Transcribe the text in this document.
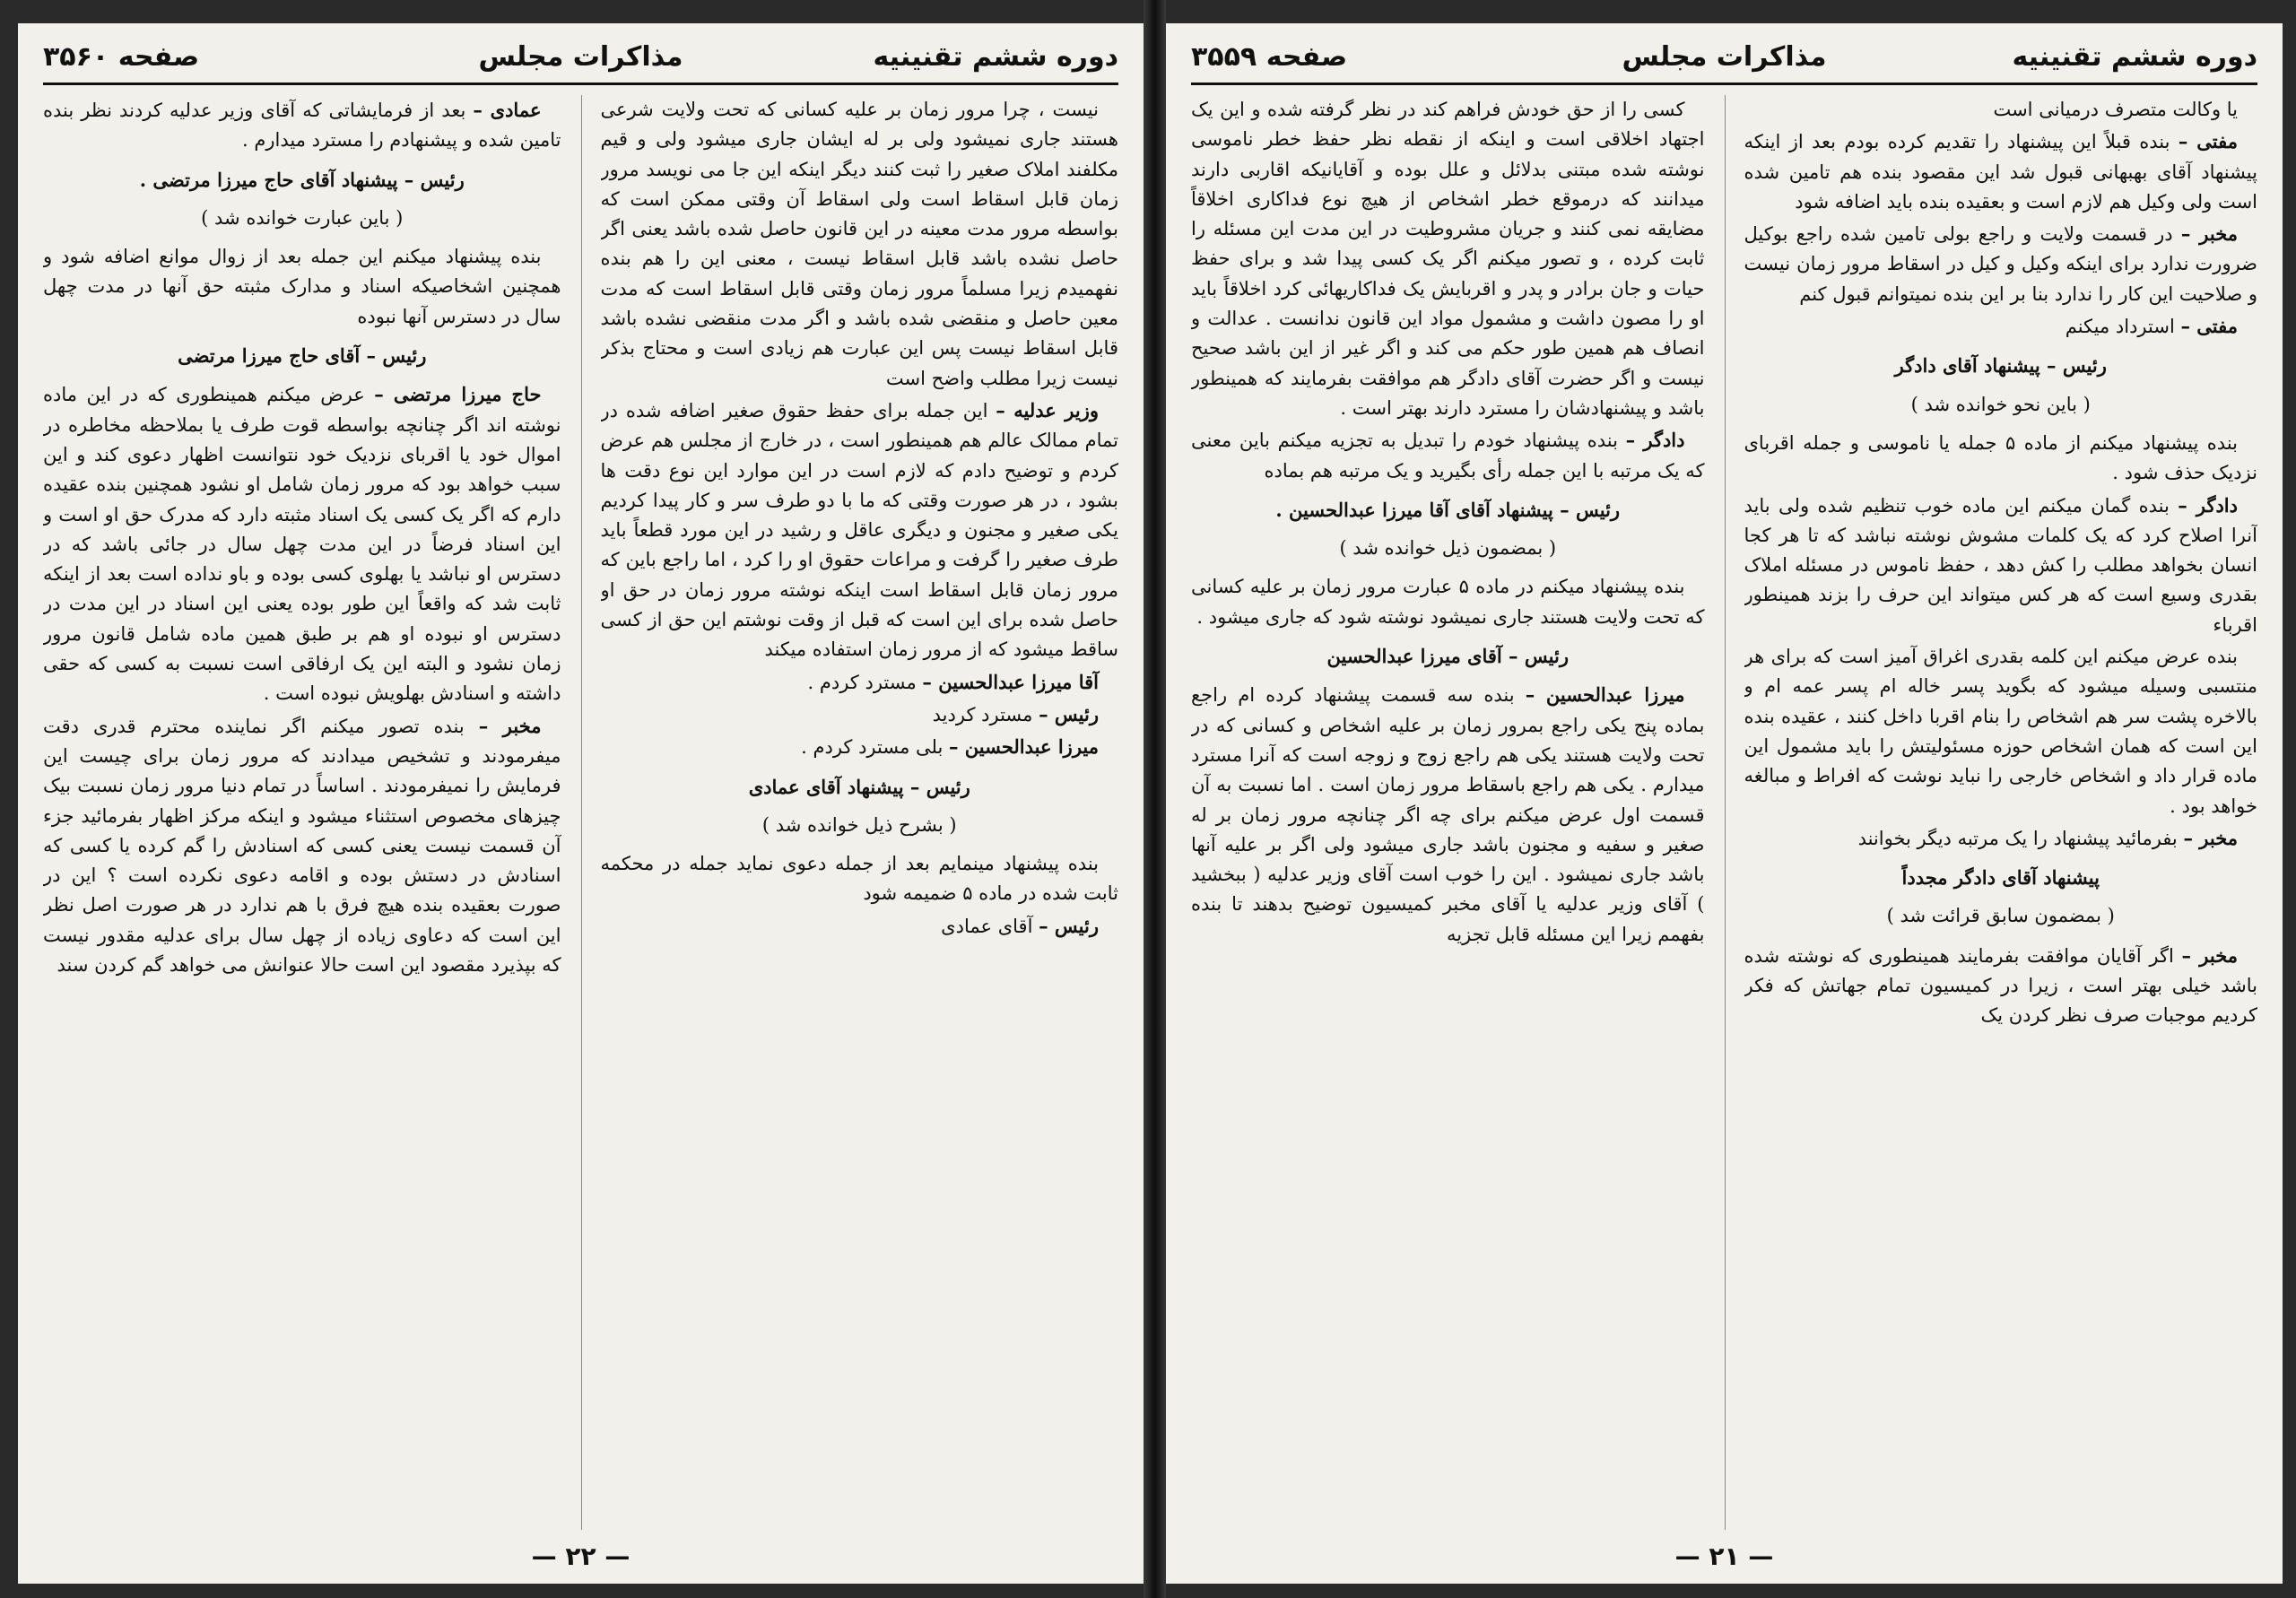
دوره ششم تقنینیه
مذاکرات مجلس
صفحه ۳۵۶۰

نیست ، چرا مرور زمان بر علیه کسانی که تحت ولایت شرعی هستند جاری نمیشود ولی بر له ایشان جاری میشود ولی و قیم مکلفند املاک صغیر را ثبت کنند دیگر اینکه این جا می نویسد مرور زمان قابل اسقاط است ولی اسقاط آن وقتی ممکن است که بواسطه مرور مدت معینه در این قانون حاصل شده باشد یعنی اگر حاصل نشده باشد قابل اسقاط نیست ، معنی این را هم بنده نفهمیدم زیرا مسلماً مرور زمان وقتی قابل اسقاط است که مدت معین حاصل و منقضی شده باشد و اگر مدت منقضی نشده باشد قابل اسقاط نیست پس این عبارت هم زیادی است و محتاج بذکر نیست زیرا مطلب واضح است

وزیر عدلیه – این جمله برای حفظ حقوق صغیر اضافه شده در تمام ممالک عالم هم همینطور است ، در خارج از مجلس هم عرض کردم و توضیح دادم که لازم است در این موارد این نوع دقت ها بشود ، در هر صورت وقتی که ما با دو طرف سر و کار پیدا کردیم یکی صغیر و مجنون و دیگری عاقل و رشید در این مورد قطعاً باید طرف صغیر را گرفت و مراعات حقوق او را کرد ، اما راجع باین که مرور زمان قابل اسقاط است اینکه نوشته مرور زمان در حق او حاصل شده برای این است که قبل از وقت نوشتم این حق از کسی ساقط میشود که از مرور زمان استفاده میکند

آقا میرزا عبدالحسین – مسترد کردم .

رئیس – مسترد کردید

میرزا عبدالحسین – بلی مسترد کردم .

رئیس – پیشنهاد آقای عمادی

( بشرح ذیل خوانده شد )

بنده پیشنهاد مینمایم بعد از جمله دعوی نماید جمله در محکمه ثابت شده در ماده ۵ ضمیمه شود

رئیس – آقای عمادی

عمادی – بعد از فرمایشاتی که آقای وزیر عدلیه کردند نظر بنده تامین شده و پیشنهادم را مسترد میدارم .

رئیس – پیشنهاد آقای حاج میرزا مرتضی .

( باین عبارت خوانده شد )

بنده پیشنهاد میکنم این جمله بعد از زوال موانع اضافه شود و همچنین اشخاصیکه اسناد و مدارک مثبته حق آنها در مدت چهل سال در دسترس آنها نبوده

رئیس – آقای حاج میرزا مرتضی

حاج میرزا مرتضی – عرض میکنم همینطوری که در این ماده نوشته اند اگر چنانچه بواسطه قوت طرف یا بملاحظه مخاطره در اموال خود یا اقربای نزدیک خود نتوانست اظهار دعوی کند و این سبب خواهد بود که مرور زمان شامل او نشود همچنین بنده عقیده دارم که اگر یک کسی یک اسناد مثبته دارد که مدرک حق او است و این اسناد فرضاً در این مدت چهل سال در جائی باشد که در دسترس او نباشد یا بهلوی کسی بوده و باو نداده است بعد از اینکه ثابت شد که واقعاً این طور بوده یعنی این اسناد در این مدت در دسترس او نبوده او هم بر طبق همین ماده شامل قانون مرور زمان نشود و البته این یک ارفاقی است نسبت به کسی که حقی داشته و اسنادش بهلویش نبوده است .

مخبر – بنده تصور میکنم اگر نماینده محترم قدری دقت میفرمودند و تشخیص میدادند که مرور زمان برای چیست این فرمایش را نمیفرمودند . اساساً در تمام دنیا مرور زمان نسبت بیک چیزهای مخصوص استثناء میشود و اینکه مرکز اظهار بفرمائید جزء آن قسمت نیست یعنی کسی که اسنادش را گم کرده یا کسی که اسنادش در دستش بوده و اقامه دعوی نکرده است ؟ این در صورت بعقیده بنده هیچ فرق با هم ندارد در هر صورت اصل نظر این است که دعاوی زیاده از چهل سال برای عدلیه مقدور نیست که بپذیرد مقصود این است حالا عنوانش می خواهد گم کردن سند

— ۲۲ —
دوره ششم تقنینیه
مذاکرات مجلس
صفحه ۳۵۵۹

یا وکالت متصرف درمیانی است

مفتی – بنده قبلاً این پیشنهاد را تقدیم کرده بودم بعد از اینکه پیشنهاد آقای بهبهانی قبول شد این مقصود بنده هم تامین شده است ولی وکیل هم لازم است و بعقیده بنده باید اضافه شود

مخبر – در قسمت ولایت و راجع بولی تامین شده راجع بوکیل ضرورت ندارد برای اینکه وکیل و کیل در اسقاط مرور زمان نیست و صلاحیت این کار را ندارد بنا بر این بنده نمیتوانم قبول کنم

مفتی – استرداد میکنم

رئیس – پیشنهاد آقای دادگر

( باین نحو خوانده شد )

بنده پیشنهاد میکنم از ماده ۵ جمله یا ناموسی و جمله اقربای نزدیک حذف شود .

دادگر – بنده گمان میکنم این ماده خوب تنظیم شده ولی باید آنرا اصلاح کرد که یک کلمات مشوش نوشته نباشد که تا هر کجا انسان بخواهد مطلب را کش دهد ، حفظ ناموس در مسئله املاک بقدری وسیع است که هر کس میتواند این حرف را بزند همینطور اقرباء

بنده عرض میکنم این کلمه بقدری اغراق آمیز است که برای هر منتسبی وسیله میشود که بگوید پسر خاله ام پسر عمه ام و بالاخره پشت سر هم اشخاص را بنام اقربا داخل کنند ، عقیده بنده این است که همان اشخاص حوزه مسئولیتش را باید مشمول این ماده قرار داد و اشخاص خارجی را نباید نوشت که افراط و مبالغه خواهد بود .

مخبر – بفرمائید پیشنهاد را یک مرتبه دیگر بخوانند

پیشنهاد آقای دادگر مجدداً

( بمضمون سابق قرائت شد )

مخبر – اگر آقایان موافقت بفرمایند همینطوری که نوشته شده باشد خیلی بهتر است ، زیرا در کمیسیون تمام جهاتش که فکر کردیم موجبات صرف نظر کردن یک

کسی را از حق خودش فراهم کند در نظر گرفته شده و این یک اجتهاد اخلاقی است و اینکه از نقطه نظر حفظ خطر ناموسی نوشته شده مبتنی بدلائل و علل بوده و آقایانیکه اقاربی دارند میدانند که درموقع خطر اشخاص از هیچ نوع فداکاری اخلاقاً مضایقه نمی کنند و جریان مشروطیت در این مدت این مسئله را ثابت کرده ، و تصور میکنم اگر یک کسی پیدا شد و برای حفظ حیات و جان برادر و پدر و اقربایش یک فداکاریهائی کرد اخلاقاً باید او را مصون داشت و مشمول مواد این قانون ندانست . عدالت و انصاف هم همین طور حکم می کند و اگر غیر از این باشد صحیح نیست و اگر حضرت آقای دادگر هم موافقت بفرمایند که همینطور باشد و پیشنهادشان را مسترد دارند بهتر است .

دادگر – بنده پیشنهاد خودم را تبدیل به تجزیه میکنم باین معنی که یک مرتبه با این جمله رأی بگیرید و یک مرتبه هم بماده

رئیس – پیشنهاد آقای آقا میرزا عبدالحسین .

( بمضمون ذیل خوانده شد )

بنده پیشنهاد میکنم در ماده ۵ عبارت مرور زمان بر علیه کسانی که تحت ولایت هستند جاری نمیشود نوشته شود که جاری میشود .

رئیس – آقای میرزا عبدالحسین

میرزا عبدالحسین – بنده سه قسمت پیشنهاد کرده ام راجع بماده پنج یکی راجع بمرور زمان بر علیه اشخاص و کسانی که در تحت ولایت هستند یکی هم راجع زوج و زوجه است که آنرا مسترد میدارم . یکی هم راجع باسقاط مرور زمان است . اما نسبت به آن قسمت اول عرض میکنم برای چه اگر چنانچه مرور زمان بر له صغیر و سفیه و مجنون باشد جاری میشود ولی اگر بر علیه آنها باشد جاری نمیشود . این را خوب است آقای وزیر عدلیه ( ببخشید ) آقای وزیر عدلیه یا آقای مخبر کمیسیون توضیح بدهند تا بنده بفهمم زیرا این مسئله قابل تجزیه

— ۲۱ —
